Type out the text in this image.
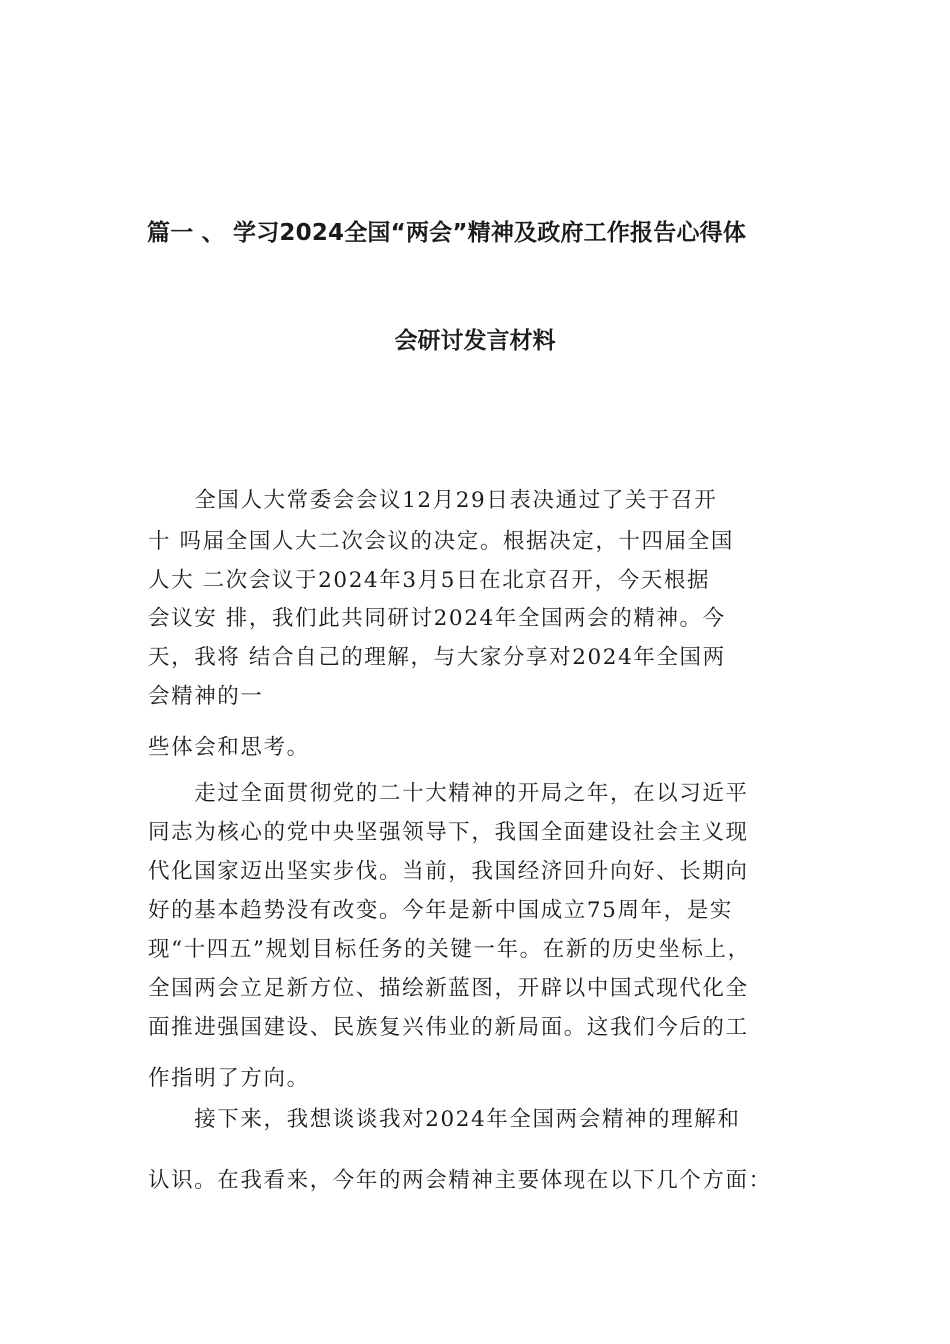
篇一 、 学习2024全国“两会”精神及政府工作报告心得体
会研讨发言材料

　　全国人大常委会会议12月29日表决通过了关于召开

十 吗届全国人大二次会议的决定。根据决定，十四届全国

人大 二次会议于2024年3月5日在北京召开，今天根据

会议安 排，我们此共同研讨2024年全国两会的精神。今

天，我将 结合自己的理解，与大家分享对2024年全国两

会精神的一

些体会和思考。

　　走过全面贯彻党的二十大精神的开局之年，在以习近平

同志为核心的党中央坚强领导下，我国全面建设社会主义现

代化国家迈出坚实步伐。当前，我国经济回升向好、长期向

好的基本趋势没有改变。今年是新中国成立75周年，是实

现“十四五”规划目标任务的关键一年。在新的历史坐标上，

全国两会立足新方位、描绘新蓝图，开辟以中国式现代化全

面推进强国建设、民族复兴伟业的新局面。这我们今后的工

作指明了方向。

　　接下来，我想谈谈我对2024年全国两会精神的理解和

认识。在我看来，今年的两会精神主要体现在以下几个方面：
